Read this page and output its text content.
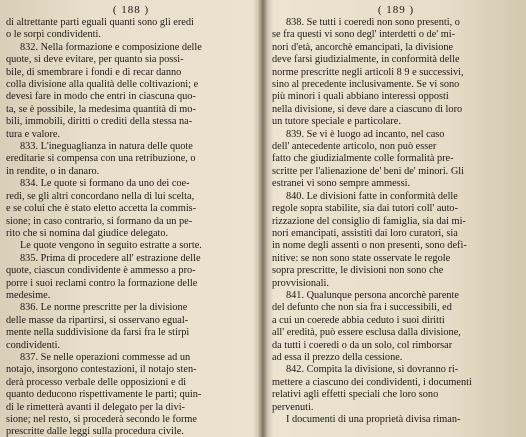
( 188 )
di altrettante parti eguali quanti sono gli eredi
o le sorpi condividenti.
832. Nella formazione e composizione delle
quote, si deve evitare, per quanto sia possi-
bile, di smembrare i fondi e di recar danno
colla divisione alla qualità delle coltivazioni; e
devesi fare in modo che entri in ciascuna quo-
ta, se è possibile, la medesima quantità di mo-
bili, immobili, diritti o crediti della stessa na-
tura e valore.
833. L'ineguaglianza in natura delle quote
ereditarie si compensa con una retribuzione, o
in rendite, o in danaro.
834. Le quote si formano da uno dei coe-
redi, se gli altri concordano nella di lui scelta,
e se colui che è stato eletto accetta la commis-
sione; in caso contrario, si formano da un pe-
rito che si nomina dal giudice delegato.
Le quote vengono in seguito estratte a sorte.
835. Prima di procedere all' estrazione delle
quote, ciascun condividente è ammesso a pro-
porre i suoi reclami contro la formazione delle
medesime.
836. Le norme prescritte per la divisione
delle masse da ripartirsi, si osservano egual-
mente nella suddivisione da farsi fra le stirpi
condividenti.
837. Se nelle operazioni commesse ad un
notajo, insorgono contestazioni, il notajo sten-
derà processo verbale delle opposizioni e di
quanto deducono rispettivamente le parti; quin-
di le rimetterà avanti il delegato per la divi-
sione; nel resto, si procederà secondo le forme
prescritte dalle leggi sulla procedura civile.
( 189 )
838. Se tutti i coeredi non sono presenti, o
se fra questi vi sono degl' interdetti o de' mi-
nori d'età, ancorchè emancipati, la divisione
deve farsi giudizialmente, in conformità delle
norme prescritte negli articoli 8 9 e successivi,
sino al precedente inclusivamente. Se vi sono
più minori i quali abbiano interessi opposti
nella divisione, si deve dare a ciascuno di loro
un tutore speciale e particolare.
839. Se vi è luogo ad incanto, nel caso
dell' antecedente articolo, non può esser
fatto che giudizialmente colle formalità pre-
scritte per l'alienazione de' beni de' minori. Gli
estranei vi sono sempre ammessi.
840. Le divisioni fatte in conformità delle
regole sopra stabilite, sia dai tutori coll' auto-
rizzazione del consiglio di famiglia, sia dai mi-
nori emancipati, assistiti dai loro curatori, sia
in nome degli assenti o non presenti, sono defi-
nitive: se non sono state osservate le regole
sopra prescritte, le divisioni non sono che
provvisionali.
841. Qualunque persona ancorchè parente
del defunto che non sia fra i successibili, ed
a cui un coerede abbia ceduto i suoi diritti
all' eredità, può essere esclusa dalla divisione,
da tutti i coeredi o da un solo, col rimborsar
ad essa il prezzo della cessione.
842. Compita la divisione, si dovranno ri-
mettere a ciascuno dei condividenti, i documenti
relativi agli effetti speciali che loro sono
pervenuti.
I documenti di una proprietà divisa riman-
